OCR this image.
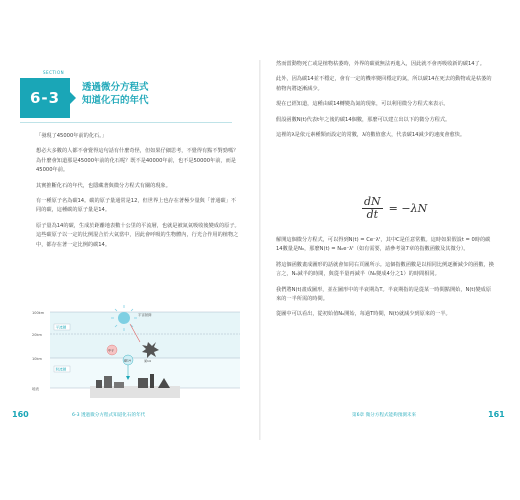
SECTION
6-3
透過微分方程式
知道化石的年代

「發現了45000年前的化石。」

想必大多數的人都不會覺得這句話有什麼奇怪，但如果仔細思考，不覺得有點不對勁嗎？為什麼會知道那是45000年前的化石呢？既不是40000年前，也不是50000年前，而是45000年前。

其實推斷化石的年代，也隱藏著與微分方程式有關的現象。

有一種原子名為碳14。碳的原子量通常是12，但世界上也存在著極少量與「普通碳」不同的碳，這種碳的原子量是14。

原子量為14的碳，生成於距離地表數十公里的平流層，也就是被氮氣吸收後變成的原子。這些碳原子以一定的比例混合於大氣當中，因此會呼吸的生物體內，行光合作用的植物之中，都存在著一定比例的碳14。

100km
20km
10km
地表
平流層
對流層
宇宙射線
中子
氮14
碳14
160	6-3 透過微分方程式知道化石的年代

然而當動物死亡或是植物枯萎時，外界的碳就無法再進入，因此就不會再吸收新的碳14了。

此外，因為碳14並不穩定，會有一定的機率變回穩定的氮，所以碳14在死去的動物或是枯萎的植物內將逐漸減少。

現在已經知道，這種由碳14轉變為氮的現象，可以利用微分方程式來表示。

假設函數N(t)代表t年之後的碳14個數，那麼可以建立出以下的微分方程式。

這裡的λ是依元素種類而設定的常數，λ的數值愈大，代表碳14減少的速度會愈快。

$\frac{dN}{dt} = -\lambda N$

解開這個微分方程式，可以得到N(t) = Ce⁻λᵗ，其中C是任意常數。這時如果假設t = 0時的碳14數量是N₀，那麼N(t) = N₀e⁻λᵗ（如有需要，請參考第7章的指數函數及其微分）。

將這個函數畫成圖形的話就會如同右頁圖所示。這個指數函數是以相同比例逐漸減少的函數，換言之，N₀減半的時間，與從半量再減半（N₀變成4分之1）的時間相同。

我們將N(t)畫成圖形，並在圖形中的半衰期為T。半衰期指的是從某一時間點開始，N(t)變成原來的一半所需的時間。

從圖中可以看出，從初始值N₀開始，每過T時間，N(t)就減少到原來的一半。

第6章 微分方程式能夠預測未來	161
